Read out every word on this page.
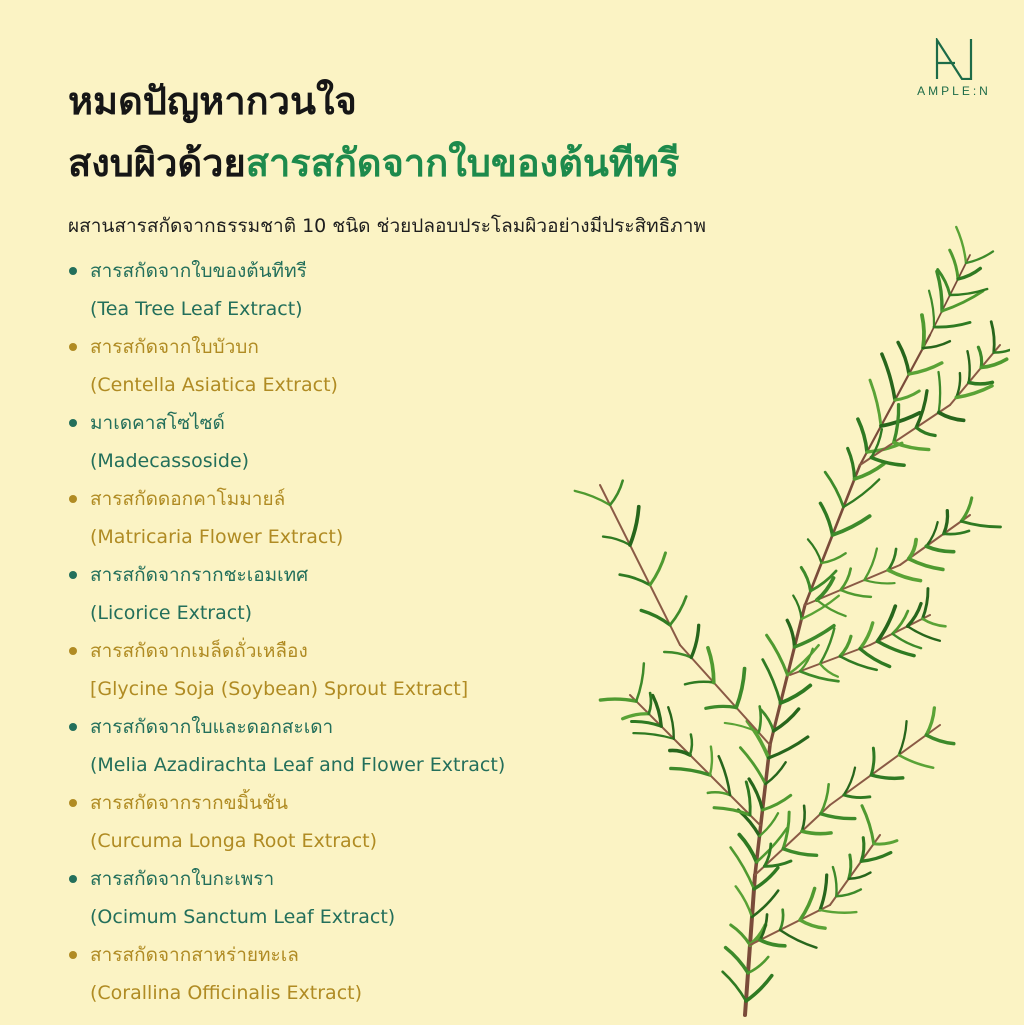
AMPLE:N
หมดปัญหากวนใจ
สงบผิวด้วยสารสกัดจากใบของต้นทีทรี
ผสานสารสกัดจากธรรมชาติ 10 ชนิด ช่วยปลอบประโลมผิวอย่างมีประสิทธิภาพ
สารสกัดจากใบของต้นทีทรี
(Tea Tree Leaf Extract)
สารสกัดจากใบบัวบก
(Centella Asiatica Extract)
มาเดคาสโซไซด์
(Madecassoside)
สารสกัดดอกคาโมมายล์
(Matricaria Flower Extract)
สารสกัดจากรากชะเอมเทศ
(Licorice Extract)
สารสกัดจากเมล็ดถั่วเหลือง
[Glycine Soja (Soybean) Sprout Extract]
สารสกัดจากใบและดอกสะเดา
(Melia Azadirachta Leaf and Flower Extract)
สารสกัดจากรากขมิ้นชัน
(Curcuma Longa Root Extract)
สารสกัดจากใบกะเพรา
(Ocimum Sanctum Leaf Extract)
สารสกัดจากสาหร่ายทะเล
(Corallina Officinalis Extract)
